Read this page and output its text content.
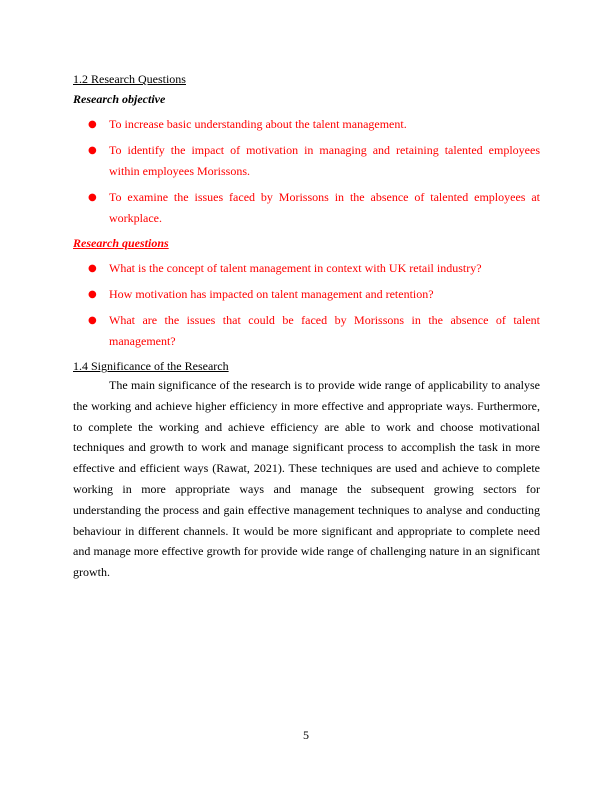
1.2 Research Questions

Research objective

● To increase basic understanding about the talent management.
● To identify the impact of motivation in managing and retaining talented employees within employees Morissons.
● To examine the issues faced by Morissons in the absence of talented employees at workplace.

Research questions

● What is the concept of talent management in context with UK retail industry?
● How motivation has impacted on talent management and retention?
● What are the issues that could be faced by Morissons in the absence of talent management?

1.4 Significance of the Research

The main significance of the research is to provide wide range of applicability to analyse the working and achieve higher efficiency in more effective and appropriate ways. Furthermore, to complete the working and achieve efficiency are able to work and choose motivational techniques and growth to work and manage significant process to accomplish the task in more effective and efficient ways (Rawat, 2021). These techniques are used and achieve to complete working in more appropriate ways and manage the subsequent growing sectors for understanding the process and gain effective management techniques to analyse and conducting behaviour in different channels. It would be more significant and appropriate to complete need and manage more effective growth for provide wide range of challenging nature in an significant growth.

5
